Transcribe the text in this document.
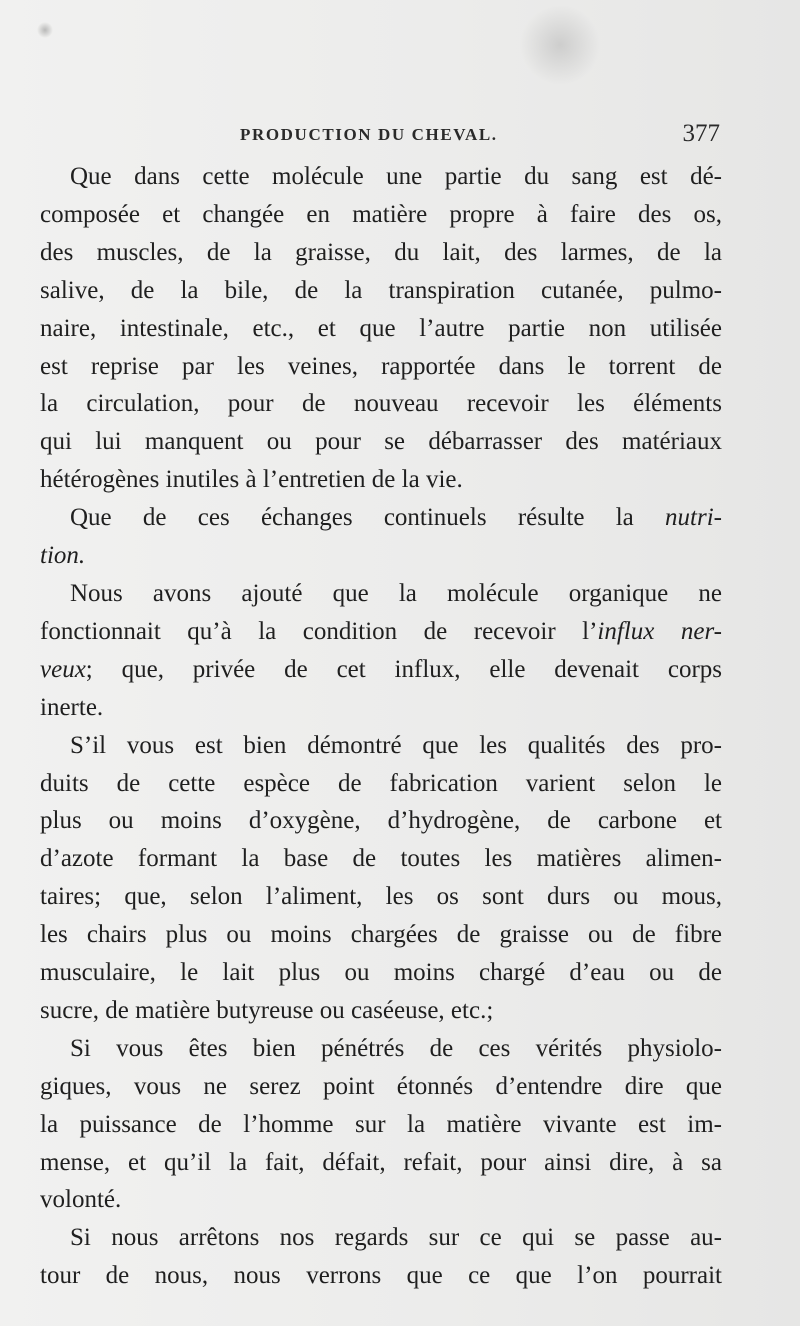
PRODUCTION DU CHEVAL.	377

Que dans cette molécule une partie du sang est dé-

composée et changée en matière propre à faire des os,

des muscles, de la graisse, du lait, des larmes, de la

salive, de la bile, de la transpiration cutanée, pulmo-

naire, intestinale, etc., et que l’autre partie non utilisée

est reprise par les veines, rapportée dans le torrent de

la circulation, pour de nouveau recevoir les éléments

qui lui manquent ou pour se débarrasser des matériaux

hétérogènes inutiles à l’entretien de la vie.

Que de ces échanges continuels résulte la nutri-

tion.

Nous avons ajouté que la molécule organique ne

fonctionnait qu’à la condition de recevoir l’influx ner-

veux; que, privée de cet influx, elle devenait corps

inerte.

S’il vous est bien démontré que les qualités des pro-

duits de cette espèce de fabrication varient selon le

plus ou moins d’oxygène, d’hydrogène, de carbone et

d’azote formant la base de toutes les matières alimen-

taires; que, selon l’aliment, les os sont durs ou mous,

les chairs plus ou moins chargées de graisse ou de fibre

musculaire, le lait plus ou moins chargé d’eau ou de

sucre, de matière butyreuse ou caséeuse, etc.;

Si vous êtes bien pénétrés de ces vérités physiolo-

giques, vous ne serez point étonnés d’entendre dire que

la puissance de l’homme sur la matière vivante est im-

mense, et qu’il la fait, défait, refait, pour ainsi dire, à sa

volonté.

Si nous arrêtons nos regards sur ce qui se passe au-

tour de nous, nous verrons que ce que l’on pourrait
